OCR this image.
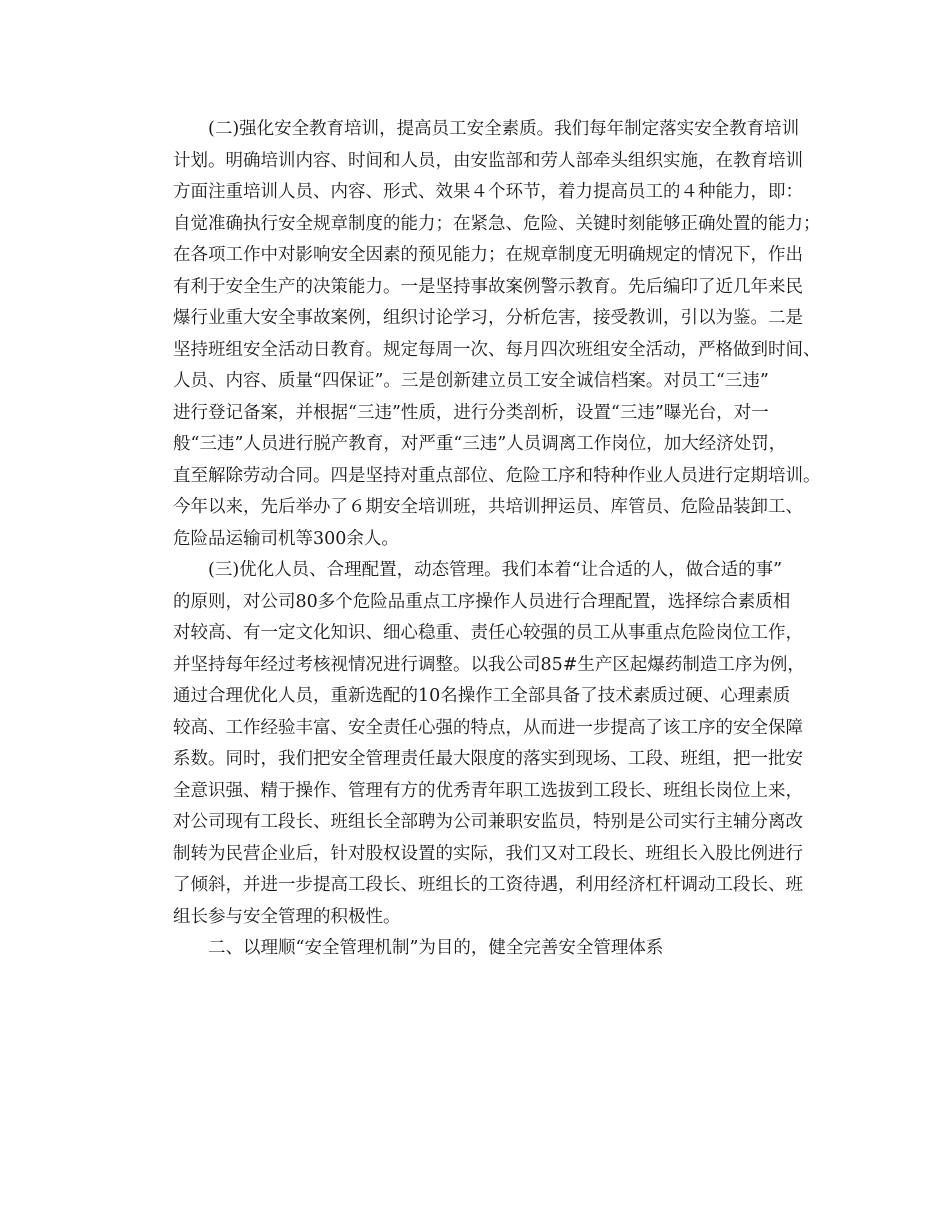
(二)强化安全教育培训，提高员工安全素质。我们每年制定落实安全教育培训
计划。明确培训内容、时间和人员，由安监部和劳人部牵头组织实施，在教育培训
方面注重培训人员、内容、形式、效果４个环节，着力提高员工的４种能力，即：
自觉准确执行安全规章制度的能力；在紧急、危险、关键时刻能够正确处置的能力；
在各项工作中对影响安全因素的预见能力；在规章制度无明确规定的情况下，作出
有利于安全生产的决策能力。一是坚持事故案例警示教育。先后编印了近几年来民
爆行业重大安全事故案例，组织讨论学习，分析危害，接受教训，引以为鉴。二是
坚持班组安全活动日教育。规定每周一次、每月四次班组安全活动，严格做到时间、
人员、内容、质量“四保证”。三是创新建立员工安全诚信档案。对员工“三违”
进行登记备案，并根据“三违”性质，进行分类剖析，设置“三违”曝光台，对一
般“三违”人员进行脱产教育，对严重“三违”人员调离工作岗位，加大经济处罚，
直至解除劳动合同。四是坚持对重点部位、危险工序和特种作业人员进行定期培训。
今年以来，先后举办了６期安全培训班，共培训押运员、库管员、危险品装卸工、
危险品运输司机等300余人。
(三)优化人员、合理配置，动态管理。我们本着“让合适的人，做合适的事”
的原则，对公司80多个危险品重点工序操作人员进行合理配置，选择综合素质相
对较高、有一定文化知识、细心稳重、责任心较强的员工从事重点危险岗位工作，
并坚持每年经过考核视情况进行调整。以我公司85#生产区起爆药制造工序为例，
通过合理优化人员，重新选配的10名操作工全部具备了技术素质过硬、心理素质
较高、工作经验丰富、安全责任心强的特点，从而进一步提高了该工序的安全保障
系数。同时，我们把安全管理责任最大限度的落实到现场、工段、班组，把一批安
全意识强、精于操作、管理有方的优秀青年职工选拔到工段长、班组长岗位上来，
对公司现有工段长、班组长全部聘为公司兼职安监员，特别是公司实行主辅分离改
制转为民营企业后，针对股权设置的实际，我们又对工段长、班组长入股比例进行
了倾斜，并进一步提高工段长、班组长的工资待遇，利用经济杠杆调动工段长、班
组长参与安全管理的积极性。
二、以理顺“安全管理机制”为目的，健全完善安全管理体系
